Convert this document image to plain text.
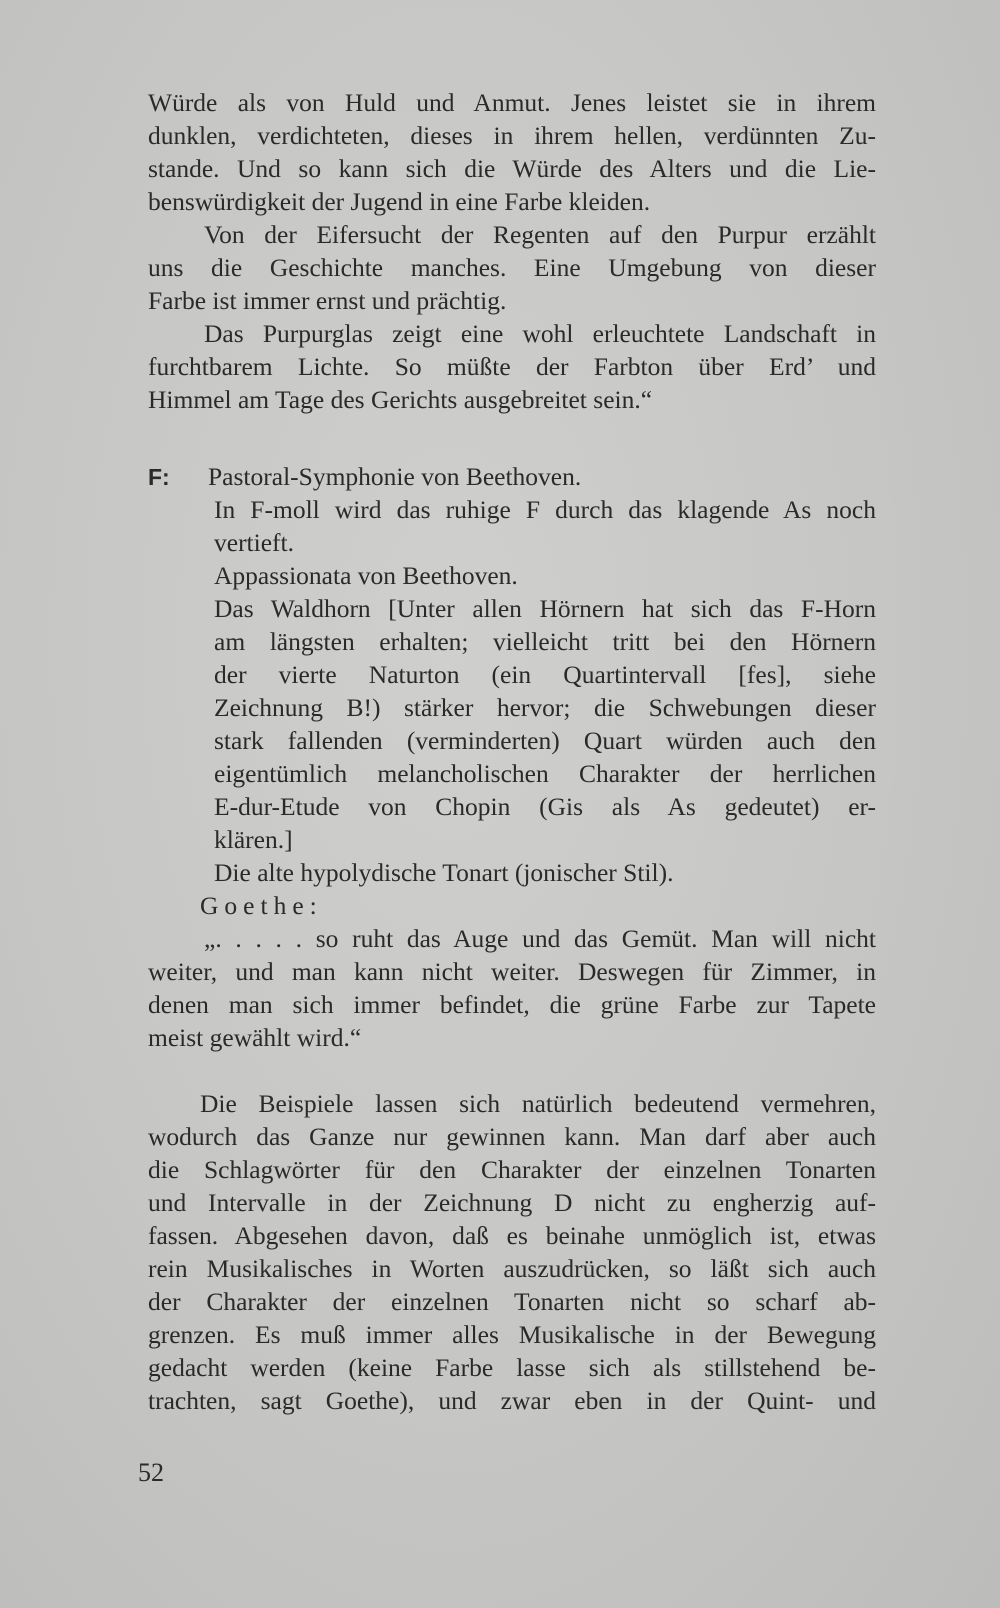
Würde als von Huld und Anmut. Jenes leistet sie in ihrem
dunklen, verdichteten, dieses in ihrem hellen, verdünnten Zu-
stande. Und so kann sich die Würde des Alters und die Lie-
benswürdigkeit der Jugend in eine Farbe kleiden.
Von der Eifersucht der Regenten auf den Purpur erzählt
uns die Geschichte manches. Eine Umgebung von dieser
Farbe ist immer ernst und prächtig.
Das Purpurglas zeigt eine wohl erleuchtete Landschaft in
furchtbarem Lichte. So müßte der Farbton über Erd’ und
Himmel am Tage des Gerichts ausgebreitet sein.“
F: Pastoral-Symphonie von Beethoven.
In F-moll wird das ruhige F durch das klagende As noch
vertieft.
Appassionata von Beethoven.
Das Waldhorn [Unter allen Hörnern hat sich das F-Horn
am längsten erhalten; vielleicht tritt bei den Hörnern
der vierte Naturton (ein Quartintervall [fes], siehe
Zeichnung B!) stärker hervor; die Schwebungen dieser
stark fallenden (verminderten) Quart würden auch den
eigentümlich melancholischen Charakter der herrlichen
E-dur-Etude von Chopin (Gis als As gedeutet) er-
klären.]
Die alte hypolydische Tonart (jonischer Stil).
Goethe:
„. . . . . so ruht das Auge und das Gemüt. Man will nicht
weiter, und man kann nicht weiter. Deswegen für Zimmer, in
denen man sich immer befindet, die grüne Farbe zur Tapete
meist gewählt wird.“
Die Beispiele lassen sich natürlich bedeutend vermehren,
wodurch das Ganze nur gewinnen kann. Man darf aber auch
die Schlagwörter für den Charakter der einzelnen Tonarten
und Intervalle in der Zeichnung D nicht zu engherzig auf-
fassen. Abgesehen davon, daß es beinahe unmöglich ist, etwas
rein Musikalisches in Worten auszudrücken, so läßt sich auch
der Charakter der einzelnen Tonarten nicht so scharf ab-
grenzen. Es muß immer alles Musikalische in der Bewegung
gedacht werden (keine Farbe lasse sich als stillstehend be-
trachten, sagt Goethe), und zwar eben in der Quint- und
52
